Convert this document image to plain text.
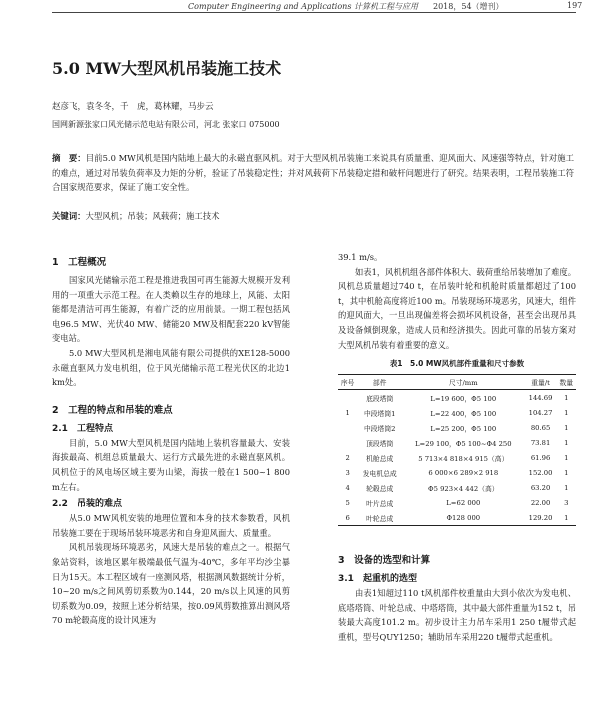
Computer Engineering and Applications 计算机工程与应用 2018，54（增刊）	197
5.0 MW大型风机吊装施工技术
赵彦飞，袁冬冬，千　虎，葛林耀，马步云
国网新源张家口风光储示范电站有限公司，河北 张家口 075000
摘　要：目前5.0 MW风机是国内陆地上最大的永磁直驱风机。对于大型风机吊装施工来说具有质量重、迎风面大、风速强等特点，针对施工的难点，通过对吊装负荷率及力矩的分析，验证了吊装稳定性；并对风载荷下吊装稳定措和破杆问题进行了研究。结果表明，工程吊装施工符合国家规范要求，保证了施工安全性。
关键词：大型风机；吊装；风载荷；施工技术
1　工程概况

国家风光储输示范工程是推进我国可再生能源大规模开发利用的一项重大示范工程。在人类赖以生存的地球上，风能、太阳能都是清洁可再生能源，有着广泛的应用前景。一期工程包括风电96.5 MW、光伏40 MW、储能20 MW及相配套220 kV智能变电站。

5.0 MW大型风机是湘电风能有限公司提供的XE128-5000永磁直驱风力发电机组，位于风光储输示范工程光伏区的北边1 km处。

2　工程的特点和吊装的难点
2.1　工程特点

目前，5.0 MW大型风机是国内陆地上装机容量最大、安装海拔最高、机组总质量最大、运行方式最先进的永磁直驱风机。风机位于的风电场区域主要为山梁，海拔一般在1 500~1 800 m左右。

2.2　吊装的难点

从5.0 MW风机安装的地理位置和本身的技术参数看，风机吊装施工要在于现场吊装环境恶劣和自身迎风面大、质量重。

风机吊装现场环境恶劣，风速大是吊装的难点之一。根据气象站资料，该地区累年极端最低气温为-40℃，多年平均沙尘暴日为15天。本工程区域有一座测风塔，根据测风数据统计分析，10~20 m/s之间风剪切系数为0.144，20 m/s以上风速的风剪切系数为0.09，按照上述分析结果，按0.09风剪数推算出测风塔70 m轮毂高度的设计风速为

39.1 m/s。

如表1，风机机组各部件体积大、载荷重给吊装增加了难度。风机总质量超过740 t，在吊装叶轮和机舱时质量都超过了100 t，其中机舱高度将近100 m。吊装现场环境恶劣，风速大，组件的迎风面大，一旦出现偏差将会损坏风机设备，甚至会出现吊具及设备倾倒现象，造成人员和经济损失。因此可靠的吊装方案对大型风机吊装有着重要的意义。

表1　5.0 MW风机部件重量和尺寸参数
序号	部件	尺寸/mm	重量/t	数量
	底段塔筒	L=19 600，Φ5 100	144.69	1
1	中段塔筒1	L=22 400，Φ5 100	104.27	1
	中段塔筒2	L=25 200，Φ5 100	80.65	1
	顶段塔筒	L=29 100，Φ5 100~Φ4 250	73.81	1
2	机舱总成	5 713×4 818×4 915（高）	61.96	1
3	发电机总成	6 000×6 289×2 918	152.00	1
4	轮毂总成	Φ5 923×4 442（高）	63.20	1
5	叶片总成	L=62 000	22.00	3
6	叶轮总成	Φ128 000	129.20	1
3　设备的选型和计算
3.1　起重机的选型

由表1知超过110 t风机部件校重量由大到小依次为发电机、底塔塔筒、叶轮总成、中塔塔筒，其中最大部件重量为152 t，吊装最大高度101.2 m。初步设计主力吊车采用1 250 t履带式起重机，型号QUY1250；辅助吊车采用220 t履带式起重机。
